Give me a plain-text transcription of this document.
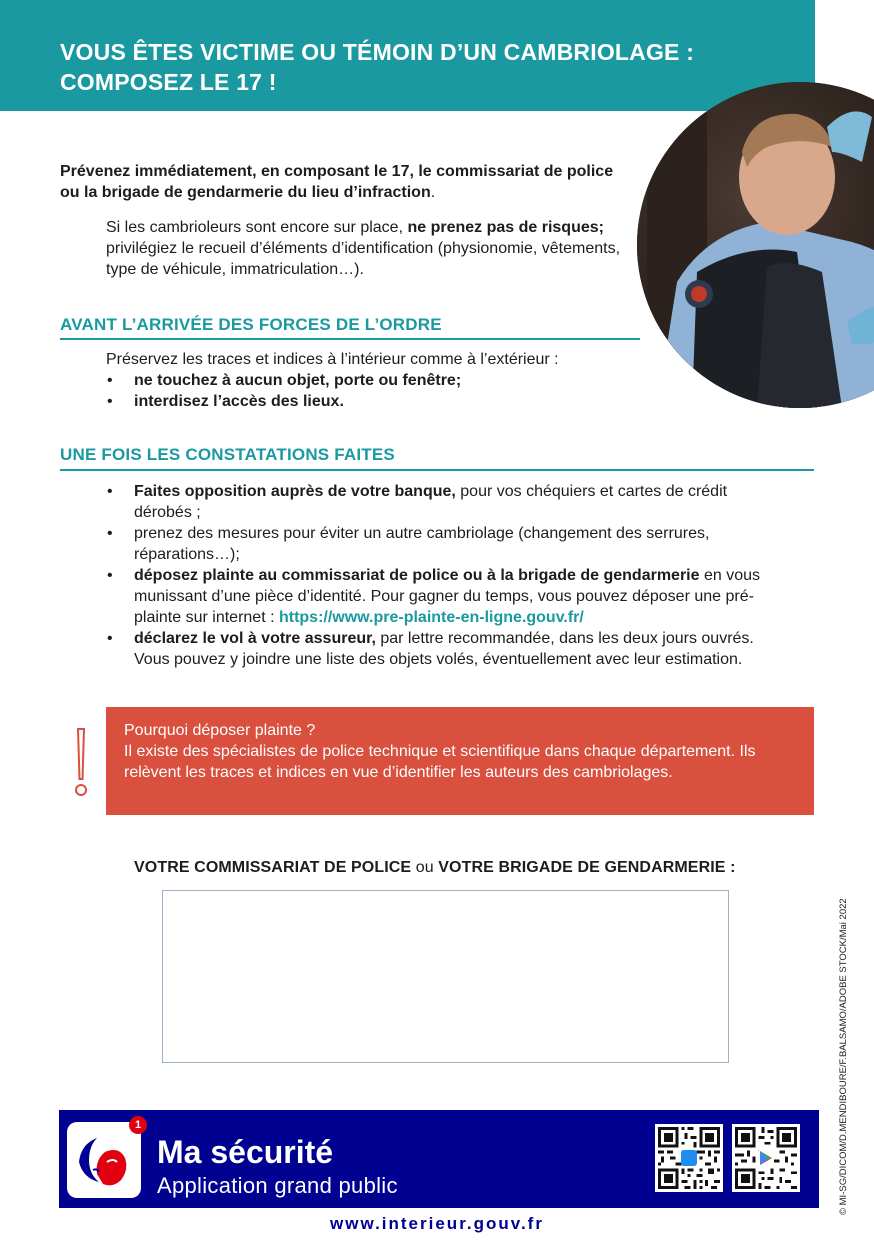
VOUS ÊTES VICTIME OU TÉMOIN D’UN CAMBRIOLAGE :
COMPOSEZ LE 17 !

Prévenez immédiatement, en composant le 17, le commissariat de police ou la brigade de gendarmerie du lieu d’infraction.

Si les cambrioleurs sont encore sur place, ne prenez pas de risques; privilégiez le recueil d’éléments d’identification (physionomie, vêtements, type de véhicule, immatriculation…).

AVANT L’ARRIVÉE DES FORCES DE L’ORDRE

Préservez les traces et indices à l’intérieur comme à l’extérieur :

• ne touchez à aucun objet, porte ou fenêtre;
• interdisez l’accès des lieux.
UNE FOIS LES CONSTATATIONS FAITES
• Faites opposition auprès de votre banque, pour vos chéquiers et cartes de crédit dérobés ;
• prenez des mesures pour éviter un autre cambriolage (changement des serrures, réparations…);
• déposez plainte au commissariat de police ou à la brigade de gendarmerie en vous munissant d’une pièce d’identité. Pour gagner du temps, vous pouvez déposer une pré-plainte sur internet : https://www.pre-plainte-en-ligne.gouv.fr/
• déclarez le vol à votre assureur, par lettre recommandée, dans les deux jours ouvrés. Vous pouvez y joindre une liste des objets volés, éventuellement avec leur estimation.
Pourquoi déposer plainte ?
Il existe des spécialistes de police technique et scientifique dans chaque département. Ils relèvent les traces et indices en vue d’identifier les auteurs des cambriolages.

VOTRE COMMISSARIAT DE POLICE ou VOTRE BRIGADE DE GENDARMERIE :

© MI-SG/DICOM/D.MENDIBOURE/F.BALSAMO/ADOBE STOCK/Mai 2022
1
Ma sécurité
Application grand public
www.interieur.gouv.fr
